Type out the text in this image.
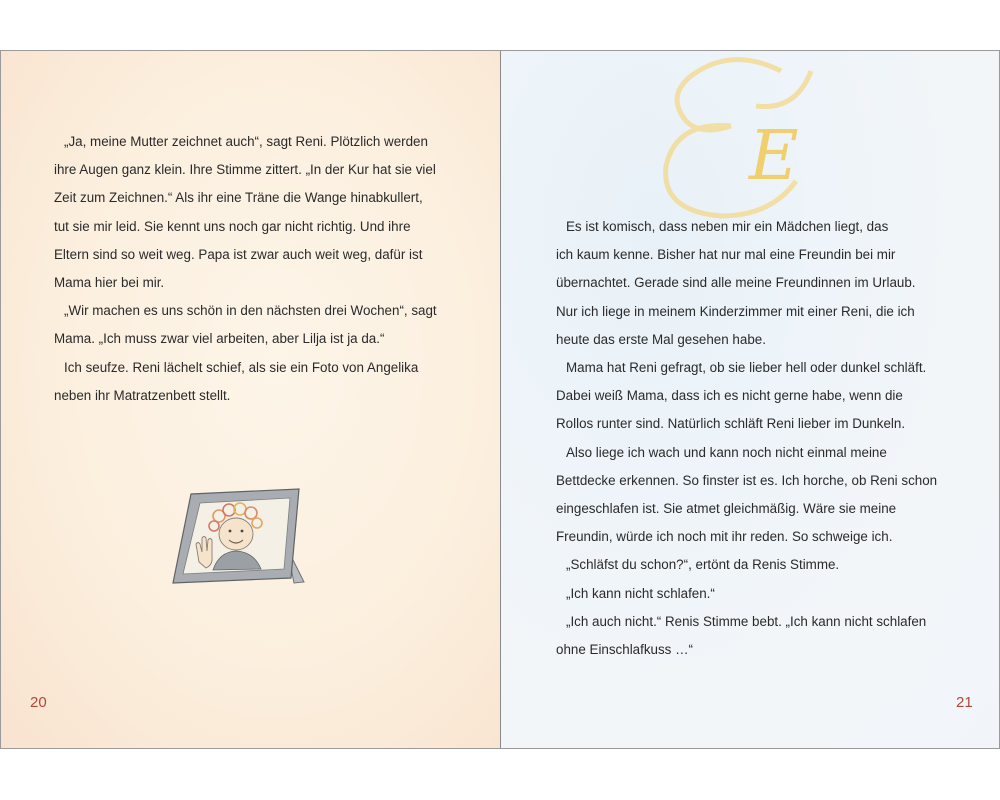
„Ja, meine Mutter zeichnet auch“, sagt Reni. Plötzlich werden

ihre Augen ganz klein. Ihre Stimme zittert. „In der Kur hat sie viel

Zeit zum Zeichnen.“ Als ihr eine Träne die Wange hinabkullert,

tut sie mir leid. Sie kennt uns noch gar nicht richtig. Und ihre

Eltern sind so weit weg. Papa ist zwar auch weit weg, dafür ist

Mama hier bei mir.

„Wir machen es uns schön in den nächsten drei Wochen“, sagt

Mama. „Ich muss zwar viel arbeiten, aber Lilja ist ja da.“

Ich seufze. Reni lächelt schief, als sie ein Foto von Angelika

neben ihr Matratzenbett stellt.

20
E

Es ist komisch, dass neben mir ein Mädchen liegt, das

ich kaum kenne. Bisher hat nur mal eine Freundin bei mir

übernachtet. Gerade sind alle meine Freundinnen im Urlaub.

Nur ich liege in meinem Kinderzimmer mit einer Reni, die ich

heute das erste Mal gesehen habe.

Mama hat Reni gefragt, ob sie lieber hell oder dunkel schläft.

Dabei weiß Mama, dass ich es nicht gerne habe, wenn die

Rollos runter sind. Natürlich schläft Reni lieber im Dunkeln.

Also liege ich wach und kann noch nicht einmal meine

Bettdecke erkennen. So finster ist es. Ich horche, ob Reni schon

eingeschlafen ist. Sie atmet gleichmäßig. Wäre sie meine

Freundin, würde ich noch mit ihr reden. So schweige ich.

„Schläfst du schon?“, ertönt da Renis Stimme.

„Ich kann nicht schlafen.“

„Ich auch nicht.“ Renis Stimme bebt. „Ich kann nicht schlafen

ohne Einschlafkuss …“

21
